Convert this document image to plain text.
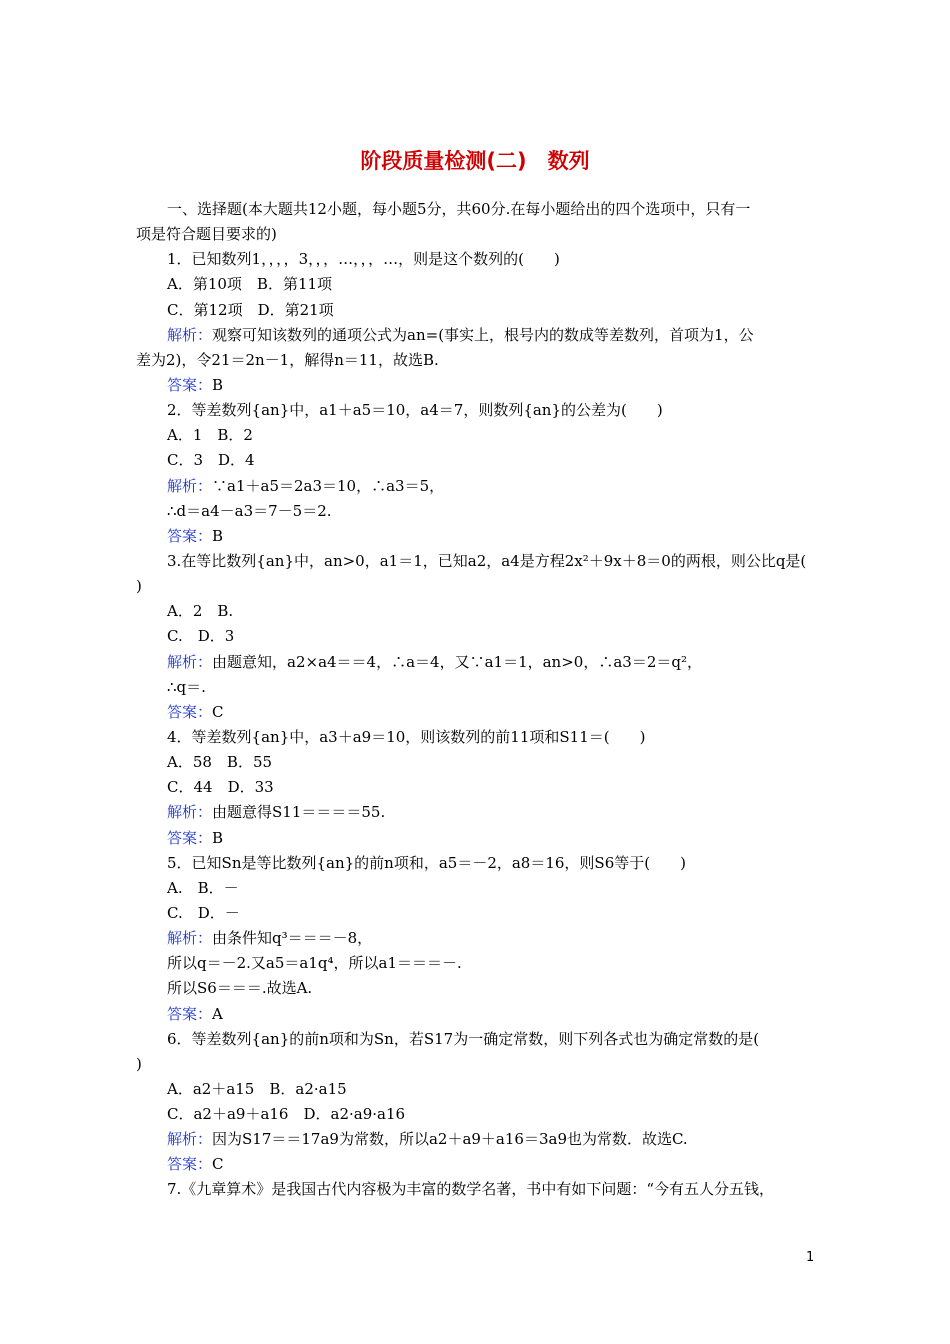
阶段质量检测(二)　数列
一、选择题(本大题共12小题，每小题5分，共60分.在每小题给出的四个选项中，只有一
项是符合题目要求的)
1．已知数列1，，，，3，，，…，，，…，则是这个数列的(　　)
A．第10项　B．第11项
C．第12项　D．第21项
解析：观察可知该数列的通项公式为an=(事实上，根号内的数成等差数列，首项为1，公
差为2)，令21＝2n－1，解得n＝11，故选B.
答案：B
2．等差数列{an}中，a1＋a5＝10，a4＝7，则数列{an}的公差为(　　)
A．1　B．2
C．3　D．4
解析：∵a1＋a5＝2a3＝10，∴a3＝5，
∴d＝a4－a3＝7－5＝2.
答案：B
3.在等比数列{an}中，an>0，a1＝1，已知a2，a4是方程2x²＋9x＋8＝0的两根，则公比q是(
)
A．2　B.
C.　D．3
解析：由题意知，a2×a4＝＝4，∴a＝4，又∵a1＝1，an>0，∴a3＝2＝q²，
∴q＝.
答案：C
4．等差数列{an}中，a3＋a9＝10，则该数列的前11项和S11＝(　　)
A．58　B．55
C．44　D．33
解析：由题意得S11＝＝＝＝55.
答案：B
5．已知Sn是等比数列{an}的前n项和，a5＝－2，a8＝16，则S6等于(　　)
A.　B．－
C.　D．－
解析：由条件知q³＝＝＝－8，
所以q＝－2.又a5＝a1q⁴，所以a1＝＝＝－.
所以S6＝＝＝.故选A.
答案：A
6．等差数列{an}的前n项和为Sn，若S17为一确定常数，则下列各式也为确定常数的是(
)
A．a2＋a15　B．a2·a15
C．a2＋a9＋a16　D．a2·a9·a16
解析：因为S17＝＝17a9为常数，所以a2＋a9＋a16＝3a9也为常数．故选C.
答案：C
7.《九章算术》是我国古代内容极为丰富的数学名著，书中有如下问题：“今有五人分五钱，
1
